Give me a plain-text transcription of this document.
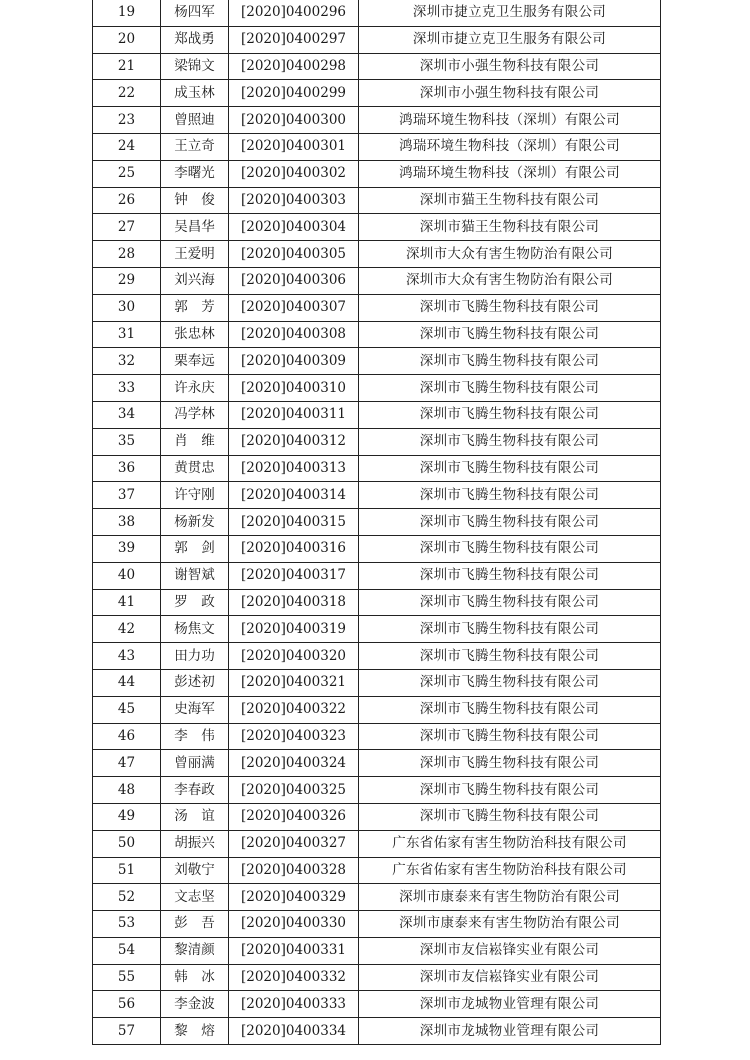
19	杨四军	[2020]0400296	深圳市捷立克卫生服务有限公司
20	郑战勇	[2020]0400297	深圳市捷立克卫生服务有限公司
21	梁锦文	[2020]0400298	深圳市小强生物科技有限公司
22	成玉林	[2020]0400299	深圳市小强生物科技有限公司
23	曾照迪	[2020]0400300	鸿瑞环境生物科技（深圳）有限公司
24	王立奇	[2020]0400301	鸿瑞环境生物科技（深圳）有限公司
25	李曙光	[2020]0400302	鸿瑞环境生物科技（深圳）有限公司
26	钟　俊	[2020]0400303	深圳市猫王生物科技有限公司
27	吴昌华	[2020]0400304	深圳市猫王生物科技有限公司
28	王爱明	[2020]0400305	深圳市大众有害生物防治有限公司
29	刘兴海	[2020]0400306	深圳市大众有害生物防治有限公司
30	郭　芳	[2020]0400307	深圳市飞腾生物科技有限公司
31	张忠林	[2020]0400308	深圳市飞腾生物科技有限公司
32	栗奉远	[2020]0400309	深圳市飞腾生物科技有限公司
33	许永庆	[2020]0400310	深圳市飞腾生物科技有限公司
34	冯学林	[2020]0400311	深圳市飞腾生物科技有限公司
35	肖　维	[2020]0400312	深圳市飞腾生物科技有限公司
36	黄贯忠	[2020]0400313	深圳市飞腾生物科技有限公司
37	许守刚	[2020]0400314	深圳市飞腾生物科技有限公司
38	杨新发	[2020]0400315	深圳市飞腾生物科技有限公司
39	郭　剑	[2020]0400316	深圳市飞腾生物科技有限公司
40	谢智斌	[2020]0400317	深圳市飞腾生物科技有限公司
41	罗　政	[2020]0400318	深圳市飞腾生物科技有限公司
42	杨焦文	[2020]0400319	深圳市飞腾生物科技有限公司
43	田力功	[2020]0400320	深圳市飞腾生物科技有限公司
44	彭述初	[2020]0400321	深圳市飞腾生物科技有限公司
45	史海军	[2020]0400322	深圳市飞腾生物科技有限公司
46	李　伟	[2020]0400323	深圳市飞腾生物科技有限公司
47	曾丽满	[2020]0400324	深圳市飞腾生物科技有限公司
48	李春政	[2020]0400325	深圳市飞腾生物科技有限公司
49	汤　谊	[2020]0400326	深圳市飞腾生物科技有限公司
50	胡振兴	[2020]0400327	广东省佑家有害生物防治科技有限公司
51	刘敬宁	[2020]0400328	广东省佑家有害生物防治科技有限公司
52	文志坚	[2020]0400329	深圳市康泰来有害生物防治有限公司
53	彭　吾	[2020]0400330	深圳市康泰来有害生物防治有限公司
54	黎清颜	[2020]0400331	深圳市友信崧锋实业有限公司
55	韩　冰	[2020]0400332	深圳市友信崧锋实业有限公司
56	李金波	[2020]0400333	深圳市龙城物业管理有限公司
57	黎　熔	[2020]0400334	深圳市龙城物业管理有限公司
